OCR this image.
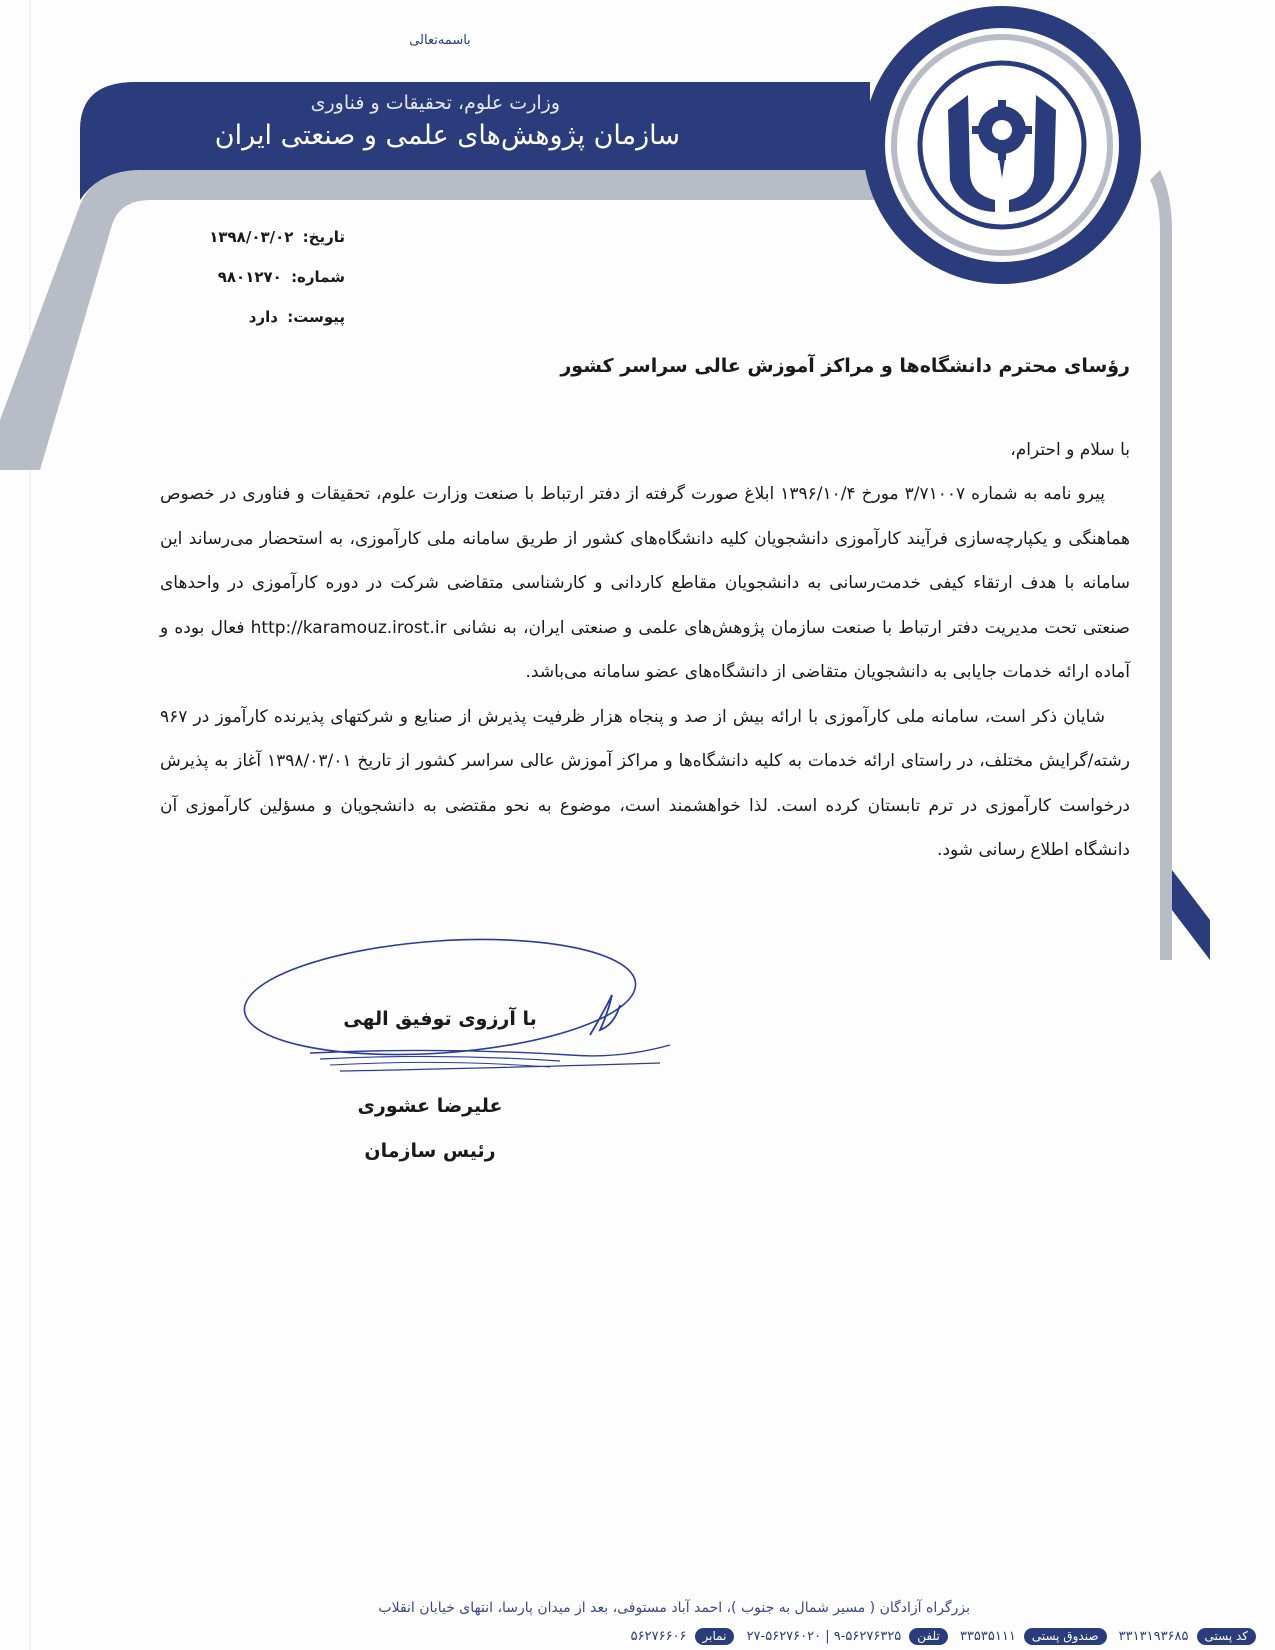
باسمه‌تعالی
وزارت علوم، تحقیقات و فناوری
سازمان پژوهش‌های علمی و صنعتی ایران
تاریخ: ۱۳۹۸/۰۳/۰۲
شماره: ۹۸۰۱۲۷۰
پیوست: دارد
رؤسای محترم دانشگاه‌ها و مراکز آموزش عالی سراسر کشور
با سلام و احترام،

پیرو نامه به شماره ۳/۷۱۰۰۷ مورخ ۱۳۹۶/۱۰/۴ ابلاغ صورت گرفته از دفتر ارتباط با صنعت وزارت علوم، تحقیقات و فناوری در خصوص هماهنگی و یکپارچه‌سازی فرآیند کارآموزی دانشجویان کلیه دانشگاه‌های کشور از طریق سامانه ملی کارآموزی، به استحضار می‌رساند این سامانه با هدف ارتقاء کیفی خدمت‌رسانی به دانشجویان مقاطع کاردانی و کارشناسی متقاضی شرکت در دوره کارآموزی در واحدهای صنعتی تحت مدیریت دفتر ارتباط با صنعت سازمان پژوهش‌های علمی و صنعتی ایران، به نشانی http://karamouz.irost.ir فعال بوده و آماده ارائه خدمات جایابی به دانشجویان متقاضی از دانشگاه‌های عضو سامانه می‌باشد.

شایان ذکر است، سامانه ملی کارآموزی با ارائه بیش از صد و پنجاه هزار ظرفیت پذیرش از صنایع و شرکتهای پذیرنده کارآموز در ۹۶۷ رشته/گرایش مختلف، در راستای ارائه خدمات به کلیه دانشگاه‌ها و مراکز آموزش عالی سراسر کشور از تاریخ ۱۳۹۸/۰۳/۰۱ آغاز به پذیرش درخواست کارآموزی در ترم تابستان کرده است. لذا خواهشمند است، موضوع به نحو مقتضی به دانشجویان و مسؤلین کارآموزی آن دانشگاه اطلاع رسانی شود.

با آرزوی توفیق الهی
علیرضا عشوری
رئیس سازمان
بزرگراه آزادگان ( مسیر شمال به جنوب )، احمد آباد مستوفی، بعد از میدان پارسا، انتهای خیابان انقلاب
کد پستی۳۳۱۳۱۹۳۶۸۵ صندوق پستی۳۳۵۳۵۱۱۱ تلفن۹-۵۶۲۷۶۳۲۵ | ۲۷-۵۶۲۷۶۰۲۰ نمابر۵۶۲۷۶۶۰۶
